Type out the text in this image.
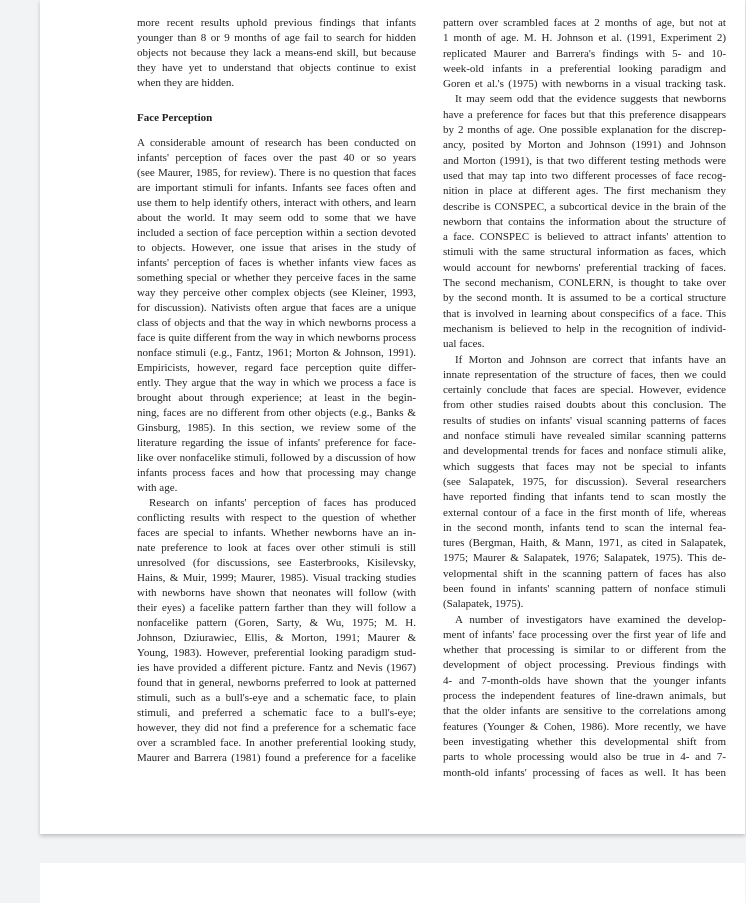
more recent results uphold previous findings that infants
younger than 8 or 9 months of age fail to search for hidden
objects not because they lack a means-end skill, but because
they have yet to understand that objects continue to exist
when they are hidden.
Face Perception
A considerable amount of research has been conducted on
infants' perception of faces over the past 40 or so years
(see Maurer, 1985, for review). There is no question that faces
are important stimuli for infants. Infants see faces often and
use them to help identify others, interact with others, and learn
about the world. It may seem odd to some that we have
included a section of face perception within a section devoted
to objects. However, one issue that arises in the study of
infants' perception of faces is whether infants view faces as
something special or whether they perceive faces in the same
way they perceive other complex objects (see Kleiner, 1993,
for discussion). Nativists often argue that faces are a unique
class of objects and that the way in which newborns process a
face is quite different from the way in which newborns process
nonface stimuli (e.g., Fantz, 1961; Morton & Johnson, 1991).
Empiricists, however, regard face perception quite differ-
ently. They argue that the way in which we process a face is
brought about through experience; at least in the begin-
ning, faces are no different from other objects (e.g., Banks &
Ginsburg, 1985). In this section, we review some of the
literature regarding the issue of infants' preference for face-
like over nonfacelike stimuli, followed by a discussion of how
infants process faces and how that processing may change
with age.
Research on infants' perception of faces has produced
conflicting results with respect to the question of whether
faces are special to infants. Whether newborns have an in-
nate preference to look at faces over other stimuli is still
unresolved (for discussions, see Easterbrooks, Kisilevsky,
Hains, & Muir, 1999; Maurer, 1985). Visual tracking studies
with newborns have shown that neonates will follow (with
their eyes) a facelike pattern farther than they will follow a
nonfacelike pattern (Goren, Sarty, & Wu, 1975; M. H.
Johnson, Dziurawiec, Ellis, & Morton, 1991; Maurer &
Young, 1983). However, preferential looking paradigm stud-
ies have provided a different picture. Fantz and Nevis (1967)
found that in general, newborns preferred to look at patterned
stimuli, such as a bull's-eye and a schematic face, to plain
stimuli, and preferred a schematic face to a bull's-eye;
however, they did not find a preference for a schematic face
over a scrambled face. In another preferential looking study,
Maurer and Barrera (1981) found a preference for a facelike
pattern over scrambled faces at 2 months of age, but not at
1 month of age. M. H. Johnson et al. (1991, Experiment 2)
replicated Maurer and Barrera's findings with 5- and 10-
week-old infants in a preferential looking paradigm and
Goren et al.'s (1975) with newborns in a visual tracking task.
It may seem odd that the evidence suggests that newborns
have a preference for faces but that this preference disappears
by 2 months of age. One possible explanation for the discrep-
ancy, posited by Morton and Johnson (1991) and Johnson
and Morton (1991), is that two different testing methods were
used that may tap into two different processes of face recog-
nition in place at different ages. The first mechanism they
describe is CONSPEC, a subcortical device in the brain of the
newborn that contains the information about the structure of
a face. CONSPEC is believed to attract infants' attention to
stimuli with the same structural information as faces, which
would account for newborns' preferential tracking of faces.
The second mechanism, CONLERN, is thought to take over
by the second month. It is assumed to be a cortical structure
that is involved in learning about conspecifics of a face. This
mechanism is believed to help in the recognition of individ-
ual faces.
If Morton and Johnson are correct that infants have an
innate representation of the structure of faces, then we could
certainly conclude that faces are special. However, evidence
from other studies raised doubts about this conclusion. The
results of studies on infants' visual scanning patterns of faces
and nonface stimuli have revealed similar scanning patterns
and developmental trends for faces and nonface stimuli alike,
which suggests that faces may not be special to infants
(see Salapatek, 1975, for discussion). Several researchers
have reported finding that infants tend to scan mostly the
external contour of a face in the first month of life, whereas
in the second month, infants tend to scan the internal fea-
tures (Bergman, Haith, & Mann, 1971, as cited in Salapatek,
1975; Maurer & Salapatek, 1976; Salapatek, 1975). This de-
velopmental shift in the scanning pattern of faces has also
been found in infants' scanning pattern of nonface stimuli
(Salapatek, 1975).
A number of investigators have examined the develop-
ment of infants' face processing over the first year of life and
whether that processing is similar to or different from the
development of object processing. Previous findings with
4- and 7-month-olds have shown that the younger infants
process the independent features of line-drawn animals, but
that the older infants are sensitive to the correlations among
features (Younger & Cohen, 1986). More recently, we have
been investigating whether this developmental shift from
parts to whole processing would also be true in 4- and 7-
month-old infants' processing of faces as well. It has been
